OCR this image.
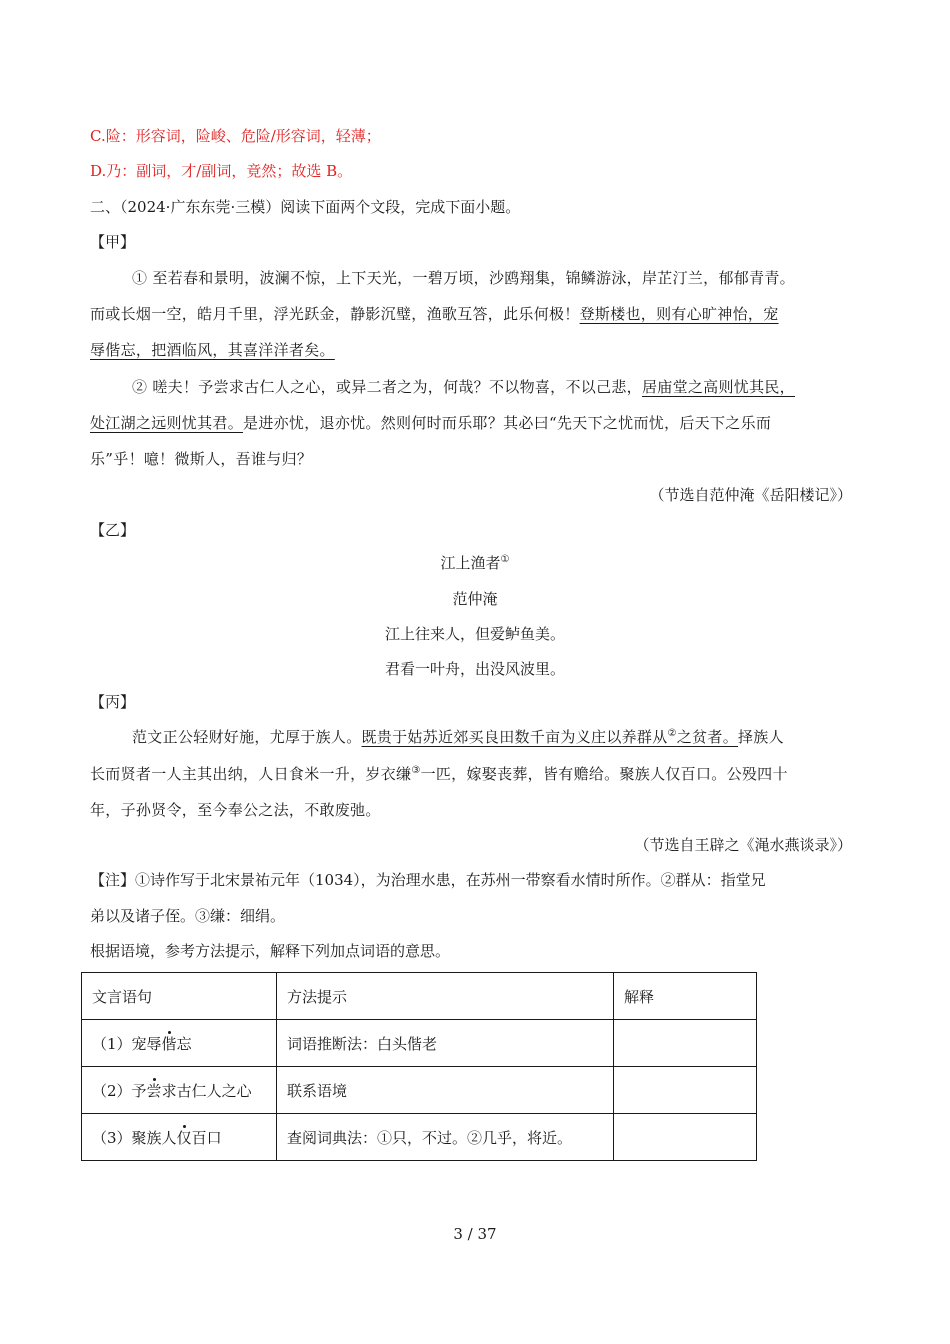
C.险：形容词，险峻、危险/形容词，轻薄；
D.乃：副词，才/副词，竟然；故选 B。
二、（2024·广东东莞·三模）阅读下面两个文段，完成下面小题。
【甲】
① 至若春和景明，波澜不惊，上下天光，一碧万顷，沙鸥翔集，锦鳞游泳，岸芷汀兰，郁郁青青。
而或长烟一空，皓月千里，浮光跃金，静影沉璧，渔歌互答，此乐何极！登斯楼也，则有心旷神怡，宠
辱偕忘，把酒临风，其喜洋洋者矣。
② 嗟夫！予尝求古仁人之心，或异二者之为，何哉？不以物喜，不以己悲，居庙堂之高则忧其民，
处江湖之远则忧其君。是进亦忧，退亦忧。然则何时而乐耶？其必曰“先天下之忧而忧，后天下之乐而
乐”乎！噫！微斯人，吾谁与归？
（节选自范仲淹《岳阳楼记》）
【乙】
江上渔者①
范仲淹
江上往来人，但爱鲈鱼美。
君看一叶舟，出没风波里。
【丙】
范文正公轻财好施，尤厚于族人。既贵于姑苏近郊买良田数千亩为义庄以养群从②之贫者。择族人
长而贤者一人主其出纳，人日食米一升，岁衣缣③一匹，嫁娶丧葬，皆有赡给。聚族人仅百口。公殁四十
年，子孙贤令，至今奉公之法，不敢废弛。
（节选自王辟之《渑水燕谈录》）
【注】①诗作写于北宋景祐元年（1034），为治理水患，在苏州一带察看水情时所作。②群从：指堂兄
弟以及诸子侄。③缣：细绢。
根据语境，参考方法提示，解释下列加点词语的意思。
文言语句	方法提示	解释
（1）宠辱偕忘	词语推断法：白头偕老	
（2）予尝求古仁人之心	联系语境	
（3）聚族人仅百口	查阅词典法：①只，不过。②几乎，将近。	
3 / 37
